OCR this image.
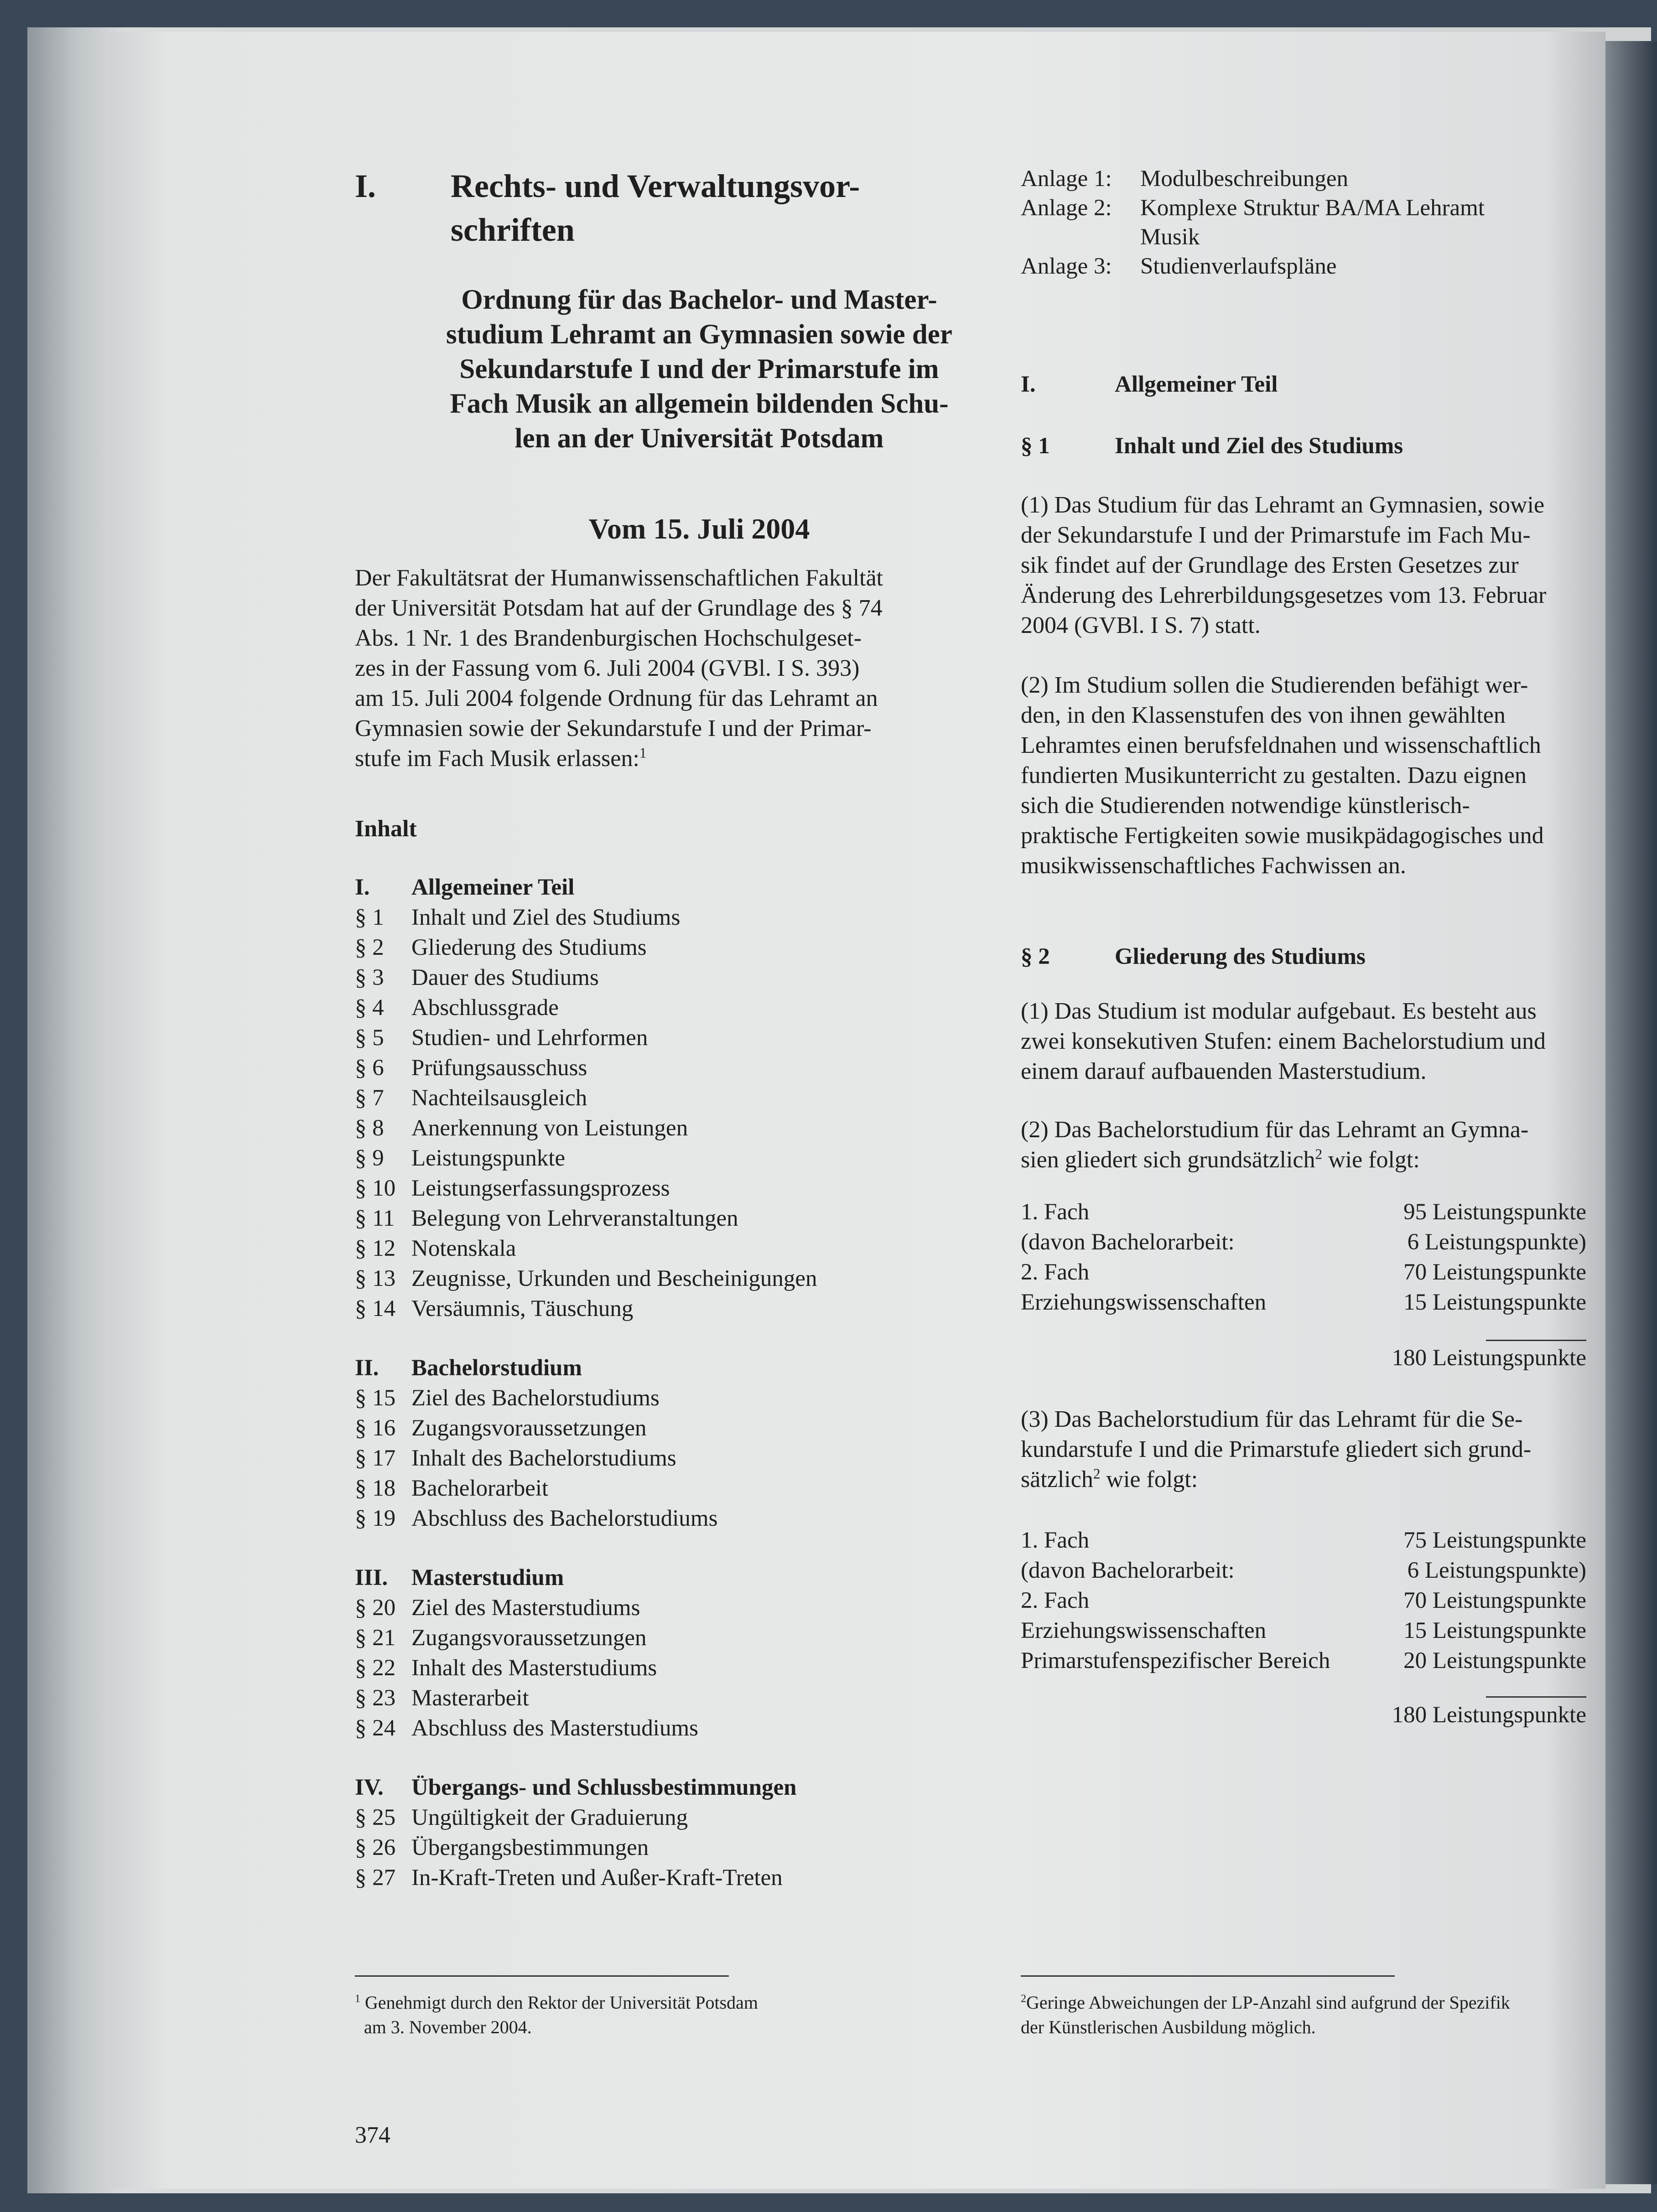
I. Rechts- und Verwaltungsvor-
schriften
Ordnung für das Bachelor- und Master-
studium Lehramt an Gymnasien sowie der
Sekundarstufe I und der Primarstufe im
Fach Musik an allgemein bildenden Schu-
len an der Universität Potsdam
Vom 15. Juli 2004
Der Fakultätsrat der Humanwissenschaftlichen Fakultät
der Universität Potsdam hat auf der Grundlage des § 74
Abs. 1 Nr. 1 des Brandenburgischen Hochschulgeset-
zes in der Fassung vom 6. Juli 2004 (GVBl. I S. 393)
am 15. Juli 2004 folgende Ordnung für das Lehramt an
Gymnasien sowie der Sekundarstufe I und der Primar-
stufe im Fach Musik erlassen:$^1$
Inhalt
I. Allgemeiner Teil
§ 1 Inhalt und Ziel des Studiums
§ 2 Gliederung des Studiums
§ 3 Dauer des Studiums
§ 4 Abschlussgrade
§ 5 Studien- und Lehrformen
§ 6 Prüfungsausschuss
§ 7 Nachteilsausgleich
§ 8 Anerkennung von Leistungen
§ 9 Leistungspunkte
§ 10 Leistungserfassungsprozess
§ 11 Belegung von Lehrveranstaltungen
§ 12 Notenskala
§ 13 Zeugnisse, Urkunden und Bescheinigungen
§ 14 Versäumnis, Täuschung
II. Bachelorstudium
§ 15 Ziel des Bachelorstudiums
§ 16 Zugangsvoraussetzungen
§ 17 Inhalt des Bachelorstudiums
§ 18 Bachelorarbeit
§ 19 Abschluss des Bachelorstudiums
III. Masterstudium
§ 20 Ziel des Masterstudiums
§ 21 Zugangsvoraussetzungen
§ 22 Inhalt des Masterstudiums
§ 23 Masterarbeit
§ 24 Abschluss des Masterstudiums
IV. Übergangs- und Schlussbestimmungen
§ 25 Ungültigkeit der Graduierung
§ 26 Übergangsbestimmungen
§ 27 In-Kraft-Treten und Außer-Kraft-Treten
$^1$ Genehmigt durch den Rektor der Universität Potsdam
am 3. November 2004.
374
Anlage 1: Modulbeschreibungen
Anlage 2: Komplexe Struktur BA/MA Lehramt
Musik
Anlage 3: Studienverlaufspläne
I.	Allgemeiner Teil
§ 1	Inhalt und Ziel des Studiums
(1) Das Studium für das Lehramt an Gymnasien, sowie
der Sekundarstufe I und der Primarstufe im Fach Mu-
sik findet auf der Grundlage des Ersten Gesetzes zur
Änderung des Lehrerbildungsgesetzes vom 13. Februar
2004 (GVBl. I S. 7) statt.
(2) Im Studium sollen die Studierenden befähigt wer-
den, in den Klassenstufen des von ihnen gewählten
Lehramtes einen berufsfeldnahen und wissenschaftlich
fundierten Musikunterricht zu gestalten. Dazu eignen
sich die Studierenden notwendige künstlerisch-
praktische Fertigkeiten sowie musikpädagogisches und
musikwissenschaftliches Fachwissen an.
§ 2	Gliederung des Studiums
(1) Das Studium ist modular aufgebaut. Es besteht aus
zwei konsekutiven Stufen: einem Bachelorstudium und
einem darauf aufbauenden Masterstudium.
(2) Das Bachelorstudium für das Lehramt an Gymna-
sien gliedert sich grundsätzlich$^2$ wie folgt:
1. Fach	95 Leistungspunkte
(davon Bachelorarbeit:	6 Leistungspunkte)
2. Fach	70 Leistungspunkte
Erziehungswissenschaften	15 Leistungspunkte
180 Leistungspunkte
(3) Das Bachelorstudium für das Lehramt für die Se-
kundarstufe I und die Primarstufe gliedert sich grund-
sätzlich$^2$ wie folgt:
1. Fach	75 Leistungspunkte
(davon Bachelorarbeit:	6 Leistungspunkte)
2. Fach	70 Leistungspunkte
Erziehungswissenschaften	15 Leistungspunkte
Primarstufenspezifischer Bereich	20 Leistungspunkte
180 Leistungspunkte
$^2$Geringe Abweichungen der LP-Anzahl sind aufgrund der Spezifik
der Künstlerischen Ausbildung möglich.
